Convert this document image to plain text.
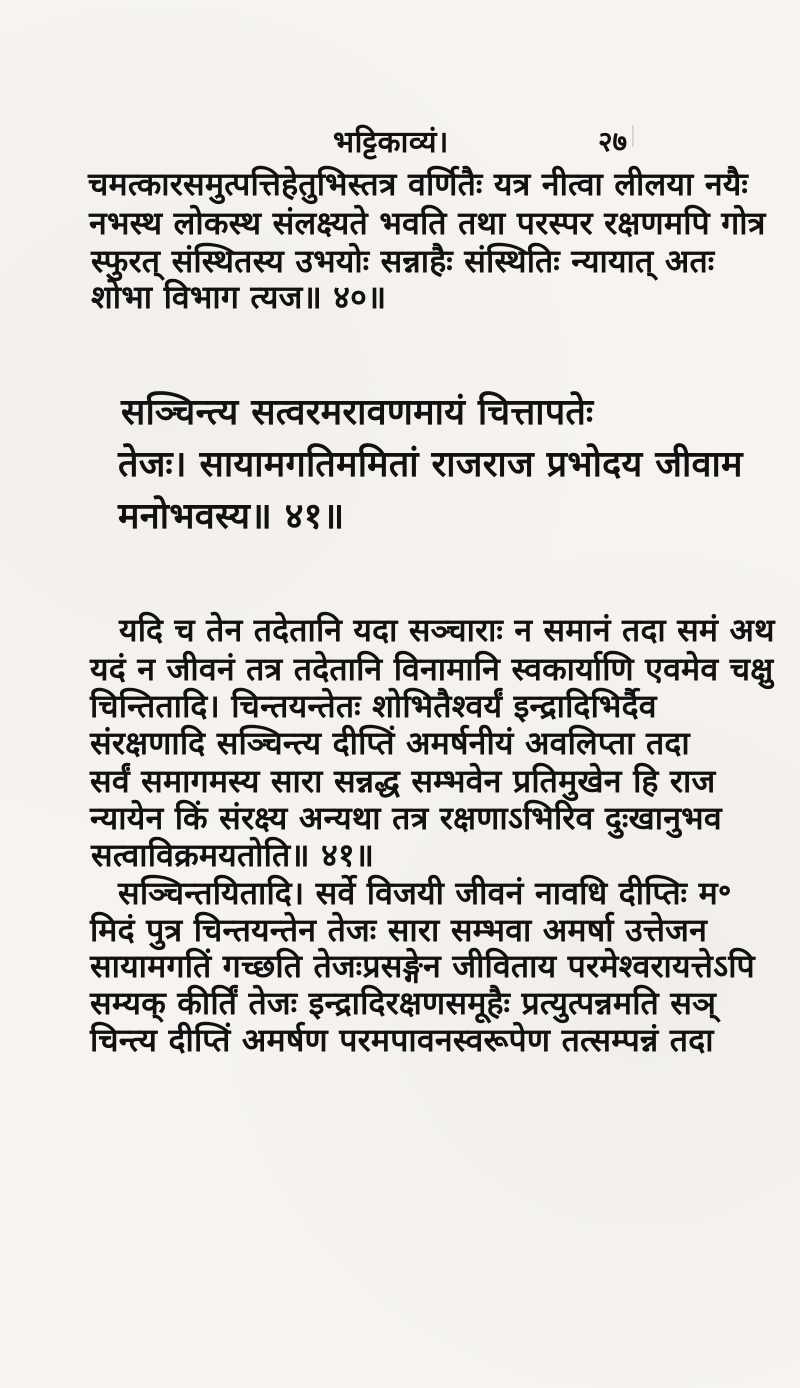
भट्टिकाव्यं।	२७
चमत्कारसमुत्पत्तिहेतुभिस्तत्र वर्णितैः यत्र नीत्वा लीलया नयैः
नभस्थ लोकस्थ संलक्ष्यते भवति तथा परस्पर रक्षणमपि गोत्र
स्फुरत् संस्थितस्य उभयोः सन्नाहैः संस्थितिः न्यायात् अतः
शोभा विभाग त्यज॥ ४०॥
सञ्चिन्त्य सत्वरमरावणमायं चित्तापतेः
तेजः। सायामगतिममितां राजराज प्रभोदय जीवाम
मनोभवस्य॥ ४१॥
यदि च तेन तदेतानि यदा सञ्चाराः न समानं तदा समं अथ
यदं न जीवनं तत्र तदेतानि विनामानि स्वकार्याणि एवमेव चक्षु
चिन्तितादि। चिन्तयन्तेतः शोभितैश्वर्यं इन्द्रादिभिर्दैव
संरक्षणादि सञ्चिन्त्य दीप्तिं अमर्षनीयं अवलिप्ता तदा
सर्वं समागमस्य सारा सन्नद्ध सम्भवेन प्रतिमुखेन हि राज
न्यायेन किं संरक्ष्य अन्यथा तत्र रक्षणाऽभिरिव दुःखानुभव
सत्वाविक्रमयतोति॥ ४१॥
सञ्चिन्तयितादि। सर्वे विजयी जीवनं नावधि दीप्तिः म॰
मिदं पुत्र चिन्तयन्तेन तेजः सारा सम्भवा अमर्षा उत्तेजन
सायामगतिं गच्छति तेजःप्रसङ्गेन जीविताय परमेश्वरायत्तेऽपि
सम्यक् कीर्तिं तेजः इन्द्रादिरक्षणसमूहैः प्रत्युत्पन्नमति सञ्
चिन्त्य दीप्तिं अमर्षण परमपावनस्वरूपेण तत्सम्पन्नं तदा
